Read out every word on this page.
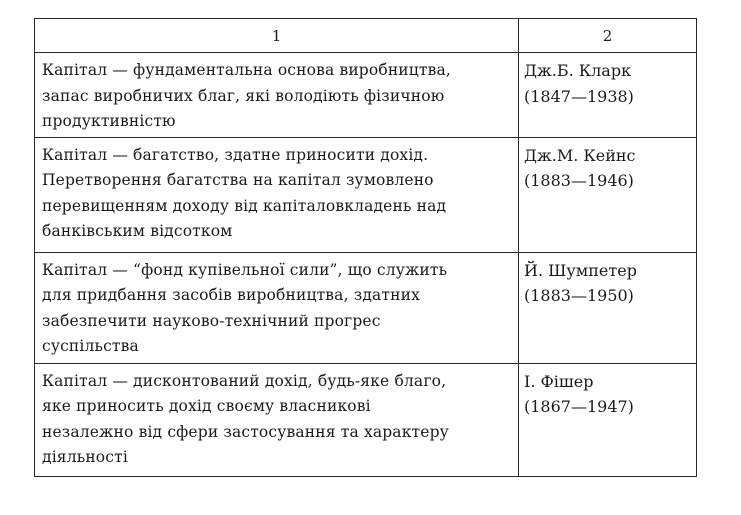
1	2

Капітал — фундаментальна основа виробництва,
запас виробничих благ, які володіють фізичною
продуктивністю	Дж.Б. Кларк
(1847—1938)

Капітал — багатство, здатне приносити дохід.
Перетворення багатства на капітал зумовлено
перевищенням доходу від капіталовкладень над
банківським відсотком	Дж.М. Кейнс
(1883—1946)

Капітал — “фонд купівельної сили”, що служить
для придбання засобів виробництва, здатних
забезпечити науково-технічний прогрес
суспільства	Й. Шумпетер
(1883—1950)

Капітал — дисконтований дохід, будь-яке благо,
яке приносить дохід своєму власникові
незалежно від сфери застосування та характеру
діяльності	І. Фішер
(1867—1947)
